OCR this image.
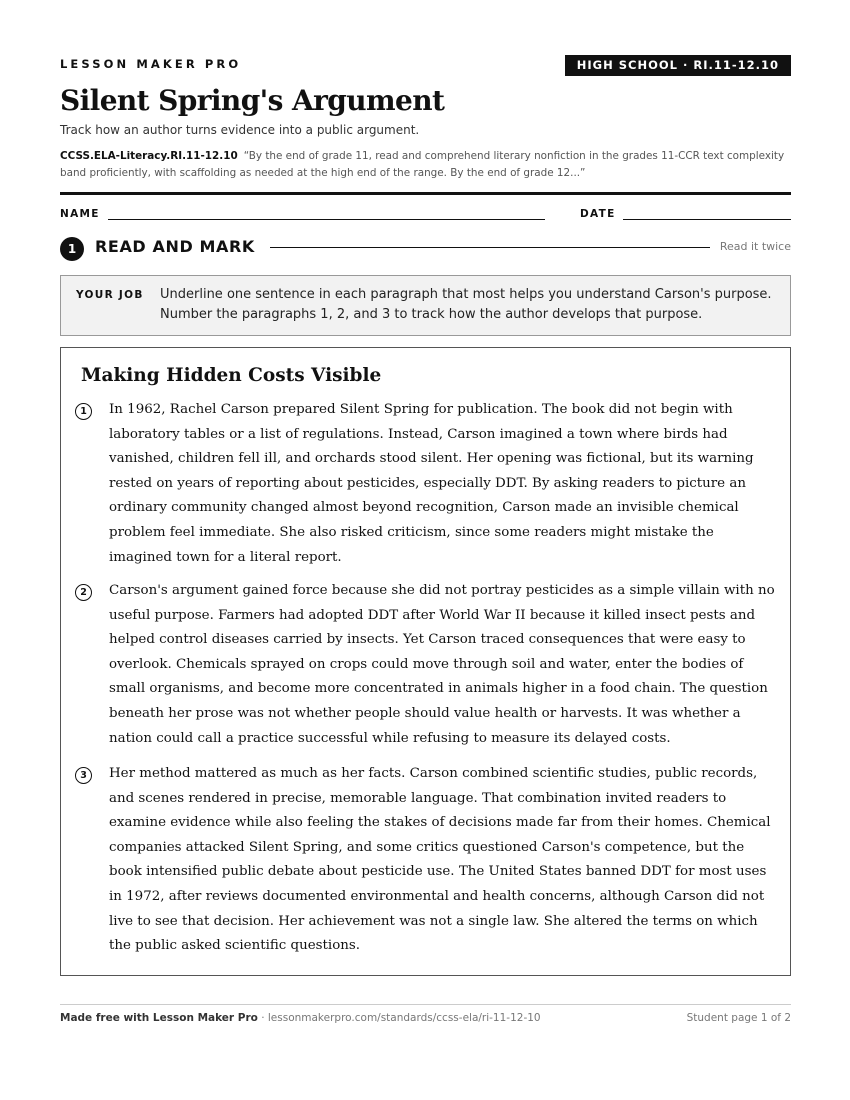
LESSON MAKER PRO	HIGH SCHOOL · RI.11-12.10
Silent Spring's Argument
Track how an author turns evidence into a public argument.
CCSS.ELA-Literacy.RI.11-12.10 “By the end of grade 11, read and comprehend literary nonfiction in the grades 11-CCR text complexity band proficiently, with scaffolding as needed at the high end of the range. By the end of grade 12...”
NAME	DATE
1	READ AND MARK	Read it twice
YOUR JOB Underline one sentence in each paragraph that most helps you understand Carson's purpose. Number the paragraphs 1, 2, and 3 to track how the author develops that purpose.
Making Hidden Costs Visible
1	In 1962, Rachel Carson prepared Silent Spring for publication. The book did not begin with laboratory tables or a list of regulations. Instead, Carson imagined a town where birds had vanished, children fell ill, and orchards stood silent. Her opening was fictional, but its warning rested on years of reporting about pesticides, especially DDT. By asking readers to picture an ordinary community changed almost beyond recognition, Carson made an invisible chemical problem feel immediate. She also risked criticism, since some readers might mistake the imagined town for a literal report.
2	Carson's argument gained force because she did not portray pesticides as a simple villain with no useful purpose. Farmers had adopted DDT after World War II because it killed insect pests and helped control diseases carried by insects. Yet Carson traced consequences that were easy to overlook. Chemicals sprayed on crops could move through soil and water, enter the bodies of small organisms, and become more concentrated in animals higher in a food chain. The question beneath her prose was not whether people should value health or harvests. It was whether a nation could call a practice successful while refusing to measure its delayed costs.
3	Her method mattered as much as her facts. Carson combined scientific studies, public records, and scenes rendered in precise, memorable language. That combination invited readers to examine evidence while also feeling the stakes of decisions made far from their homes. Chemical companies attacked Silent Spring, and some critics questioned Carson's competence, but the book intensified public debate about pesticide use. The United States banned DDT for most uses in 1972, after reviews documented environmental and health concerns, although Carson did not live to see that decision. Her achievement was not a single law. She altered the terms on which the public asked scientific questions.
Made free with Lesson Maker Pro · lessonmakerpro.com/standards/ccss-ela/ri-11-12-10	Student page 1 of 2
